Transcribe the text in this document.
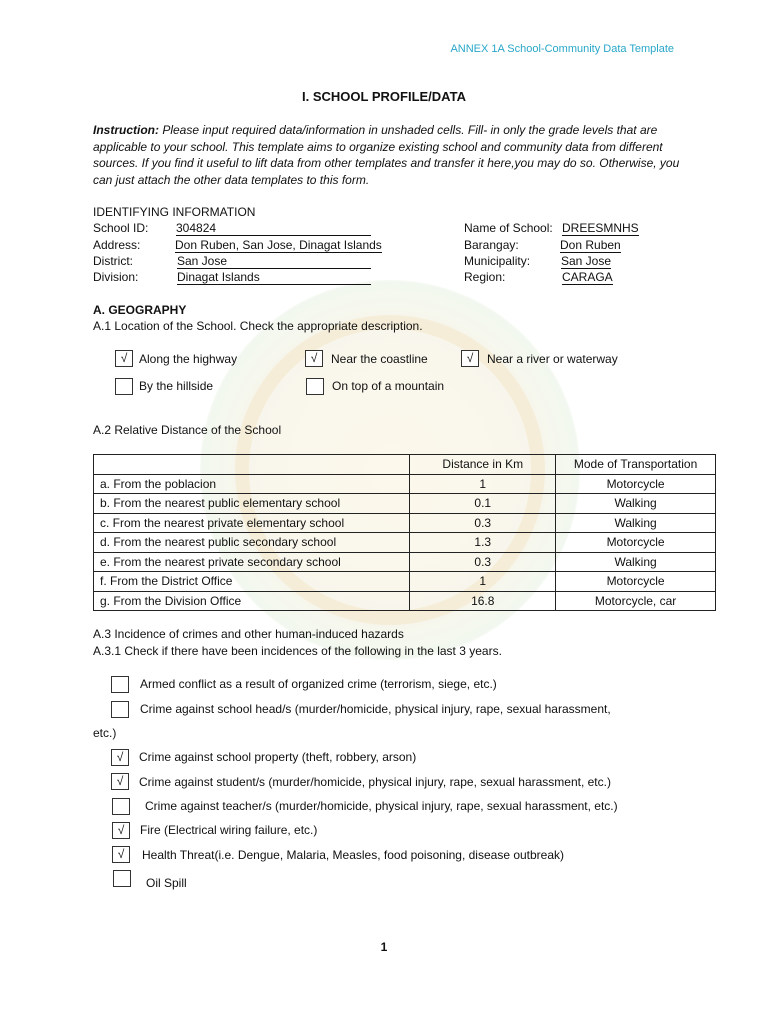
ANNEX 1A School-Community Data Template
I. SCHOOL PROFILE/DATA
Instruction: Please input required data/information in unshaded cells. Fill- in only the grade levels that are applicable to your school. This template aims to organize existing school and community data from different sources. If you find it useful to lift data from other templates and transfer it here,you may do so. Otherwise, you can just attach the other data templates to this form.
IDENTIFYING INFORMATION
School ID: 304824
Address:	Don Ruben, San Jose, Dinagat Islands
District:	San Jose
Division:	Dinagat Islands
Name of School: DREESMNHS
Barangay:	Don Ruben
Municipality:	San Jose
Region:	CARAGA
A. GEOGRAPHY
A.1 Location of the School. Check the appropriate description.
√ Along the highway	√	Near the coastline	√	Near a river or waterway
By the hillside	On top of a mountain
A.2 Relative Distance of the School
	Distance in Km	Mode of Transportation
a. From the poblacion	1	Motorcycle
b. From the nearest public elementary school	0.1	Walking
c. From the nearest private elementary school	0.3	Walking
d. From the nearest public secondary school	1.3	Motorcycle
e. From the nearest private secondary school	0.3	Walking
f. From the District Office	1	Motorcycle
g. From the Division Office	16.8	Motorcycle, car
A.3 Incidence of crimes and other human-induced hazards
A.3.1 Check if there have been incidences of the following in the last 3 years.
Armed conflict as a result of organized crime (terrorism, siege, etc.)
Crime against school head/s (murder/homicide, physical injury, rape, sexual harassment,
etc.)
√	Crime against school property (theft, robbery, arson)
√	Crime against student/s (murder/homicide, physical injury, rape, sexual harassment, etc.)
Crime against teacher/s (murder/homicide, physical injury, rape, sexual harassment, etc.)
√	Fire (Electrical wiring failure, etc.)
√	Health Threat(i.e. Dengue, Malaria, Measles, food poisoning, disease outbreak)
Oil Spill
1
